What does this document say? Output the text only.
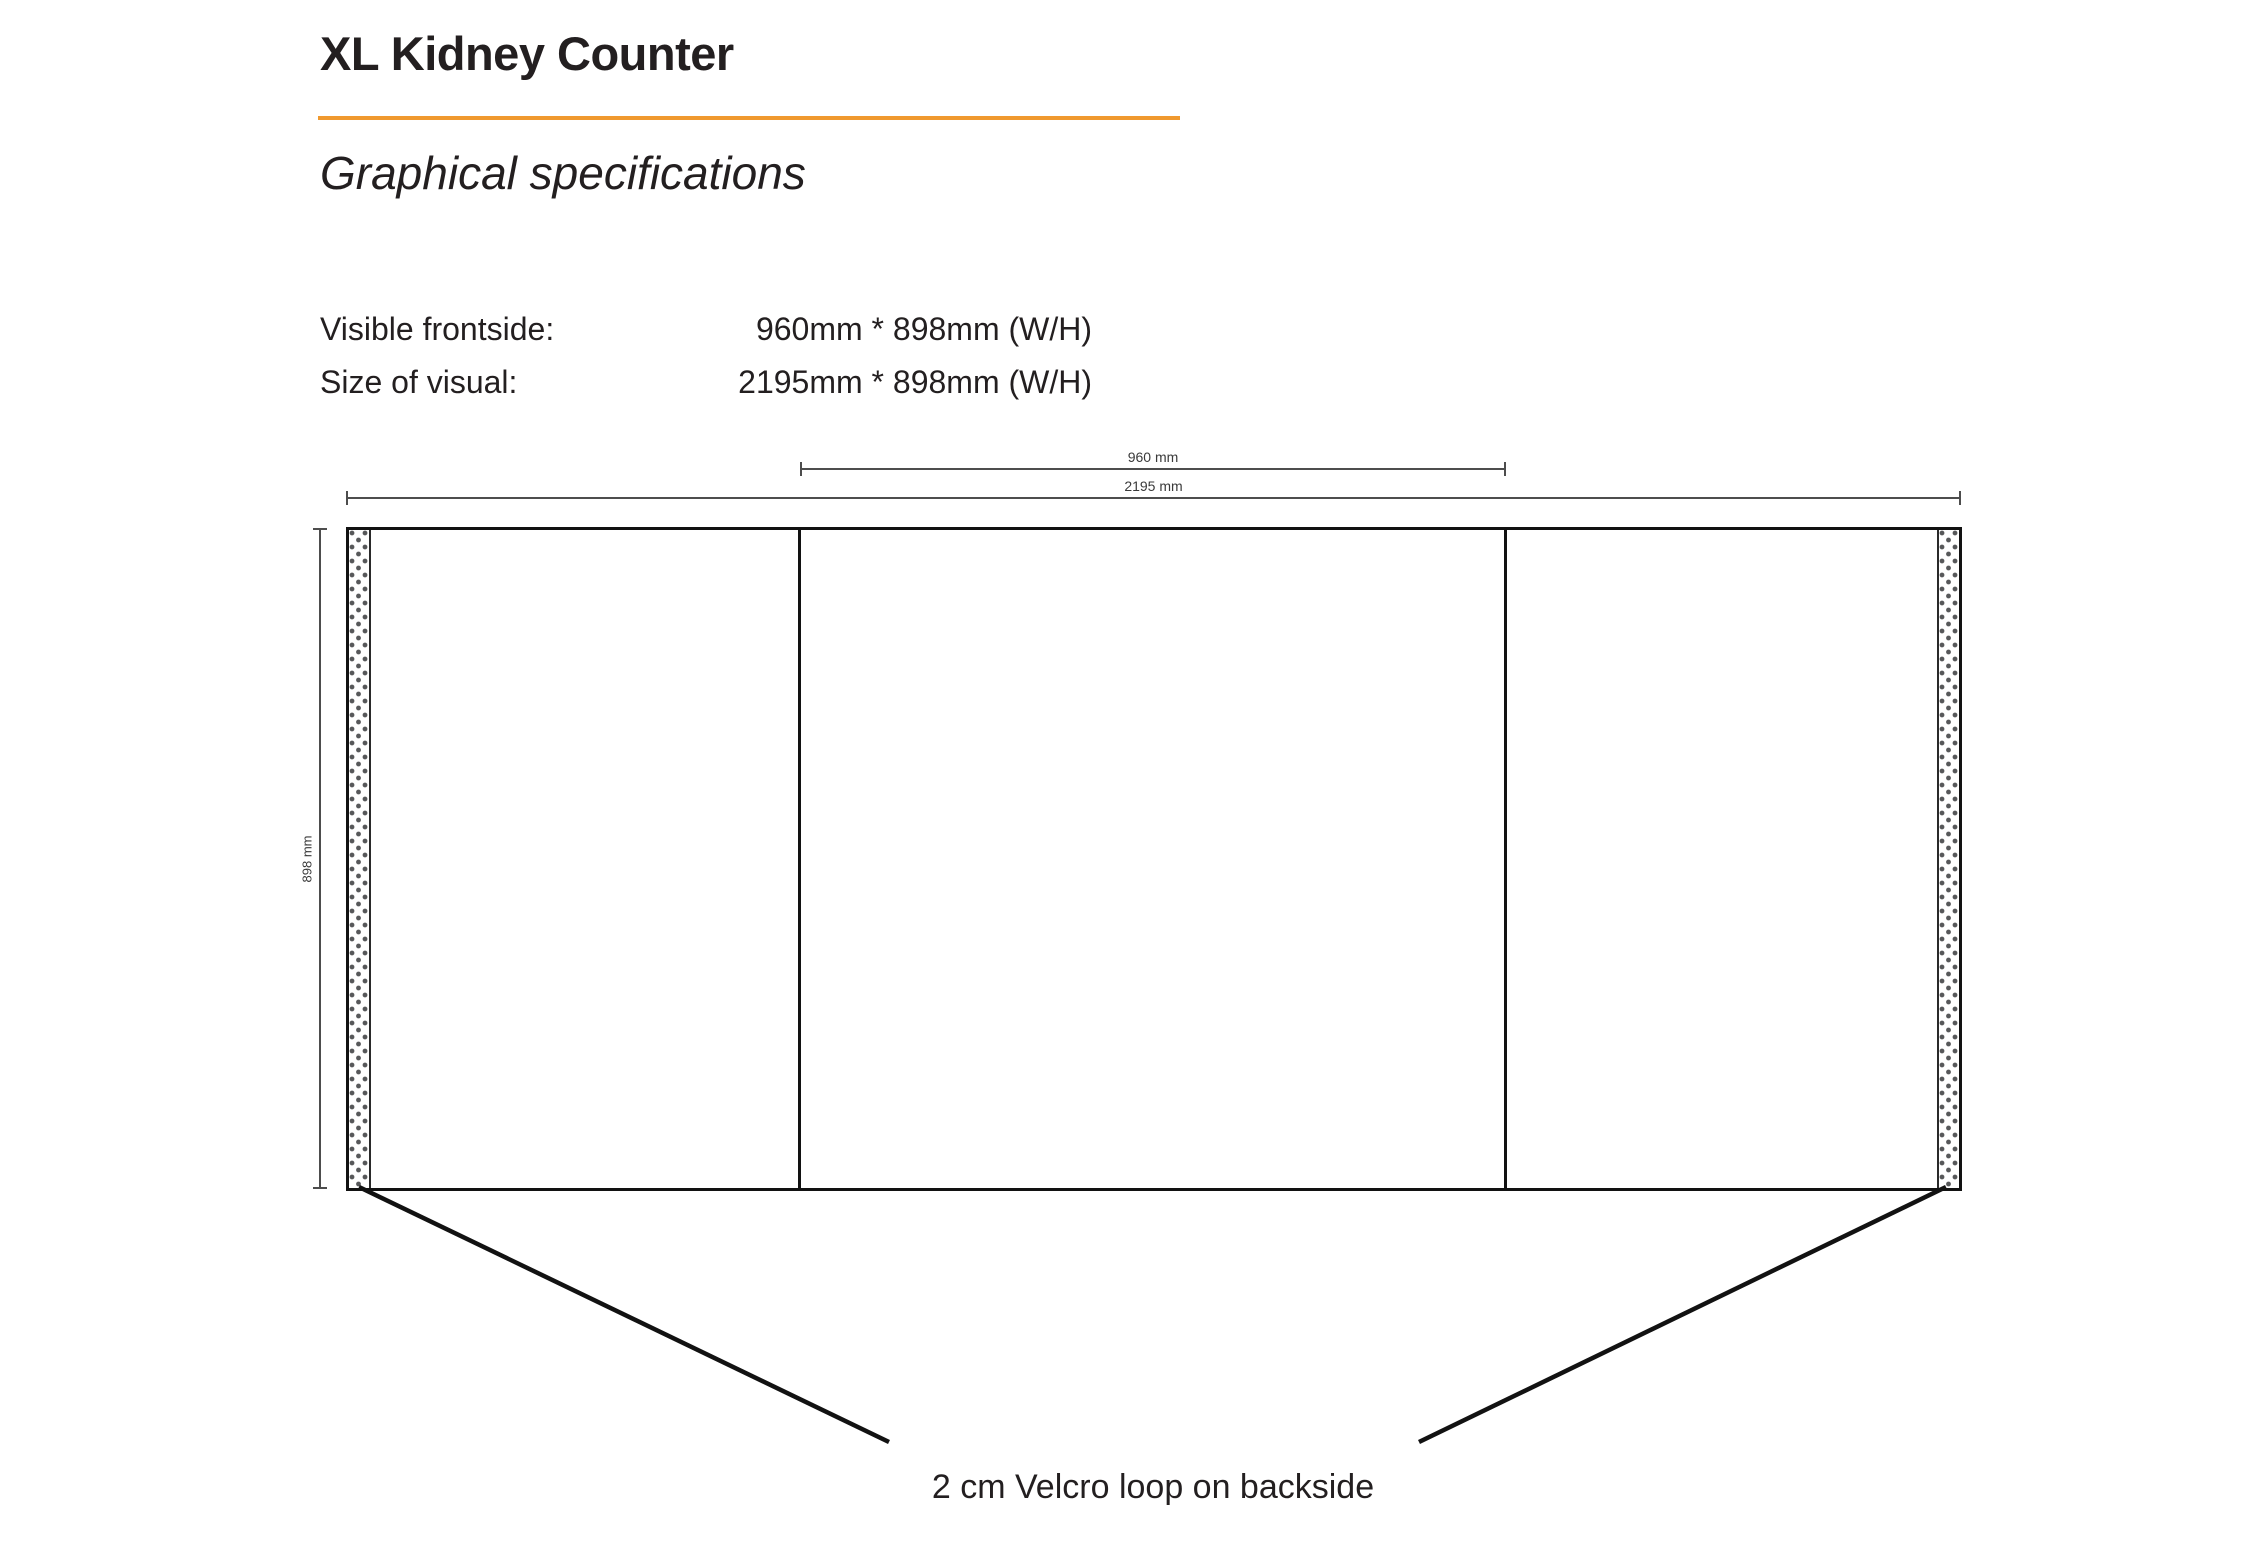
XL Kidney Counter
Graphical specifications
Visible frontside:	960mm * 898mm (W/H)
Size of visual:	2195mm * 898mm (W/H)
960 mm
2195 mm
898 mm
2 cm Velcro loop on backside
